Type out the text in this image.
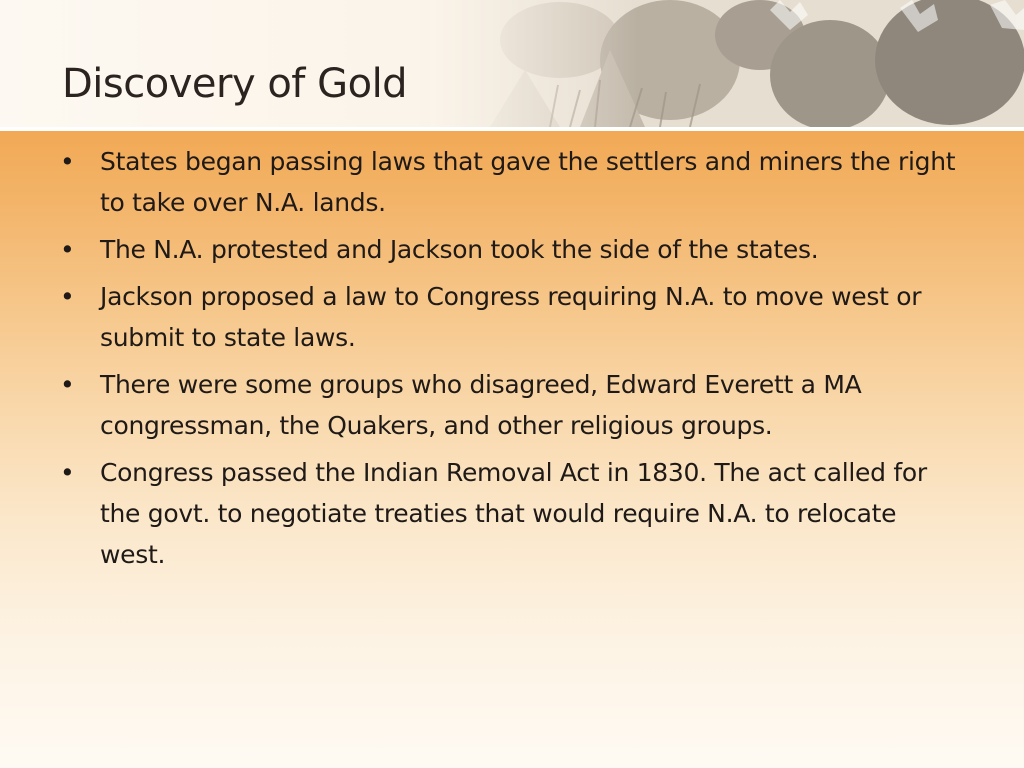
Discovery of Gold
• States began passing laws that gave the settlers and miners the right to take over N.A. lands.
• The N.A. protested and Jackson took the side of the states.
• Jackson proposed a law to Congress requiring N.A. to move west or submit to state laws.
• There were some groups who disagreed, Edward Everett a MA congressman, the Quakers, and other religious groups.
• Congress passed the Indian Removal Act in 1830. The act called for the govt. to negotiate treaties that would require N.A. to relocate west.
